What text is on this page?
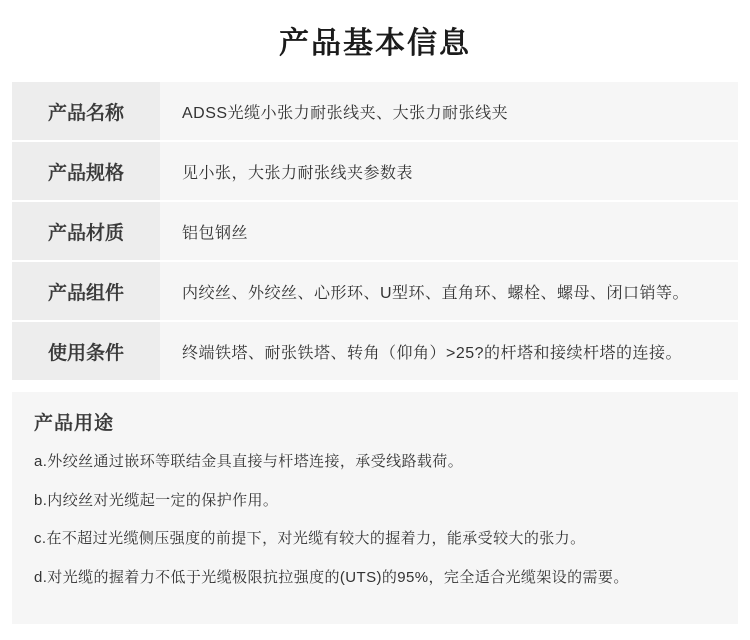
产品基本信息
产品名称	ADSS光缆小张力耐张线夹、大张力耐张线夹
产品规格	见小张，大张力耐张线夹参数表
产品材质	铝包钢丝
产品组件	内绞丝、外绞丝、心形环、U型环、直角环、螺栓、螺母、闭口销等。
使用条件	终端铁塔、耐张铁塔、转角（仰角）>25?的杆塔和接续杆塔的连接。
产品用途
a.外绞丝通过嵌环等联结金具直接与杆塔连接，承受线路载荷。
b.内绞丝对光缆起一定的保护作用。
c.在不超过光缆侧压强度的前提下，对光缆有较大的握着力，能承受较大的张力。
d.对光缆的握着力不低于光缆极限抗拉强度的(UTS)的95%，完全适合光缆架设的需要。
